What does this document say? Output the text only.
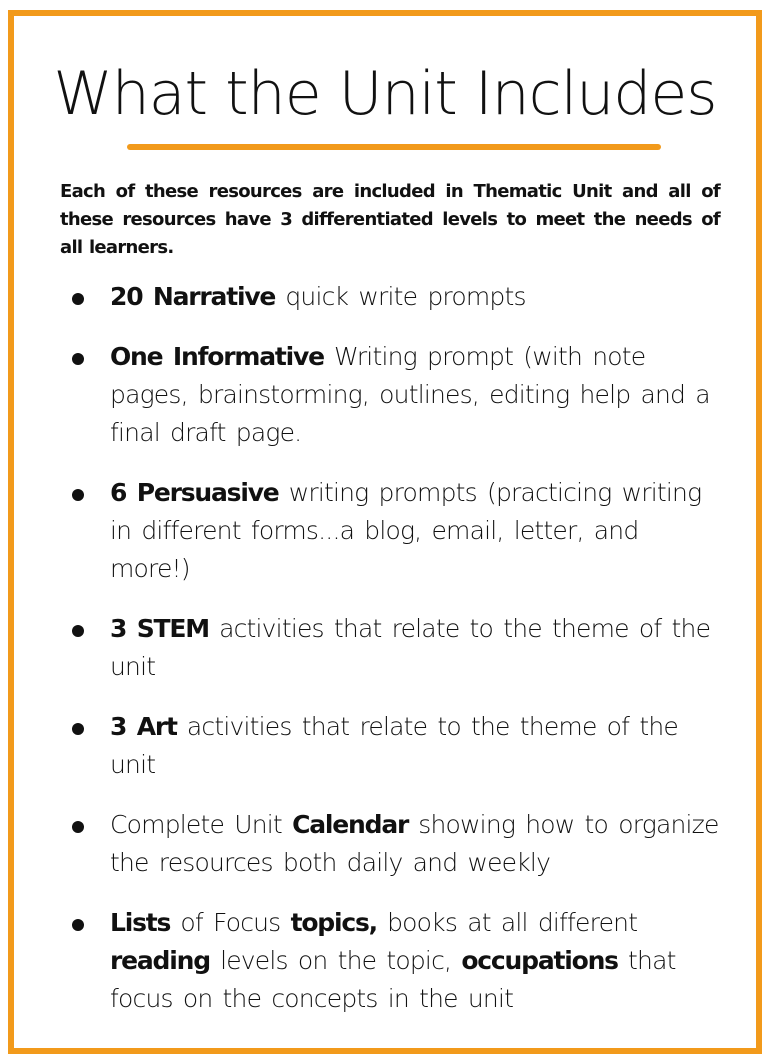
What the Unit Includes
Each of these resources are included in Thematic Unit and all of these resources have 3 differentiated levels to meet the needs of all learners.
20 Narrative quick write prompts
One Informative Writing prompt (with note pages, brainstorming, outlines, editing help and a final draft page.
6 Persuasive writing prompts (practicing writing in different forms...a blog, email, letter, and more!)
3 STEM activities that relate to the theme of the unit
3 Art activities that relate to the theme of the unit
Complete Unit Calendar showing how to organize the resources both daily and weekly
Lists of Focus topics, books at all different reading levels on the topic, occupations that focus on the concepts in the unit
